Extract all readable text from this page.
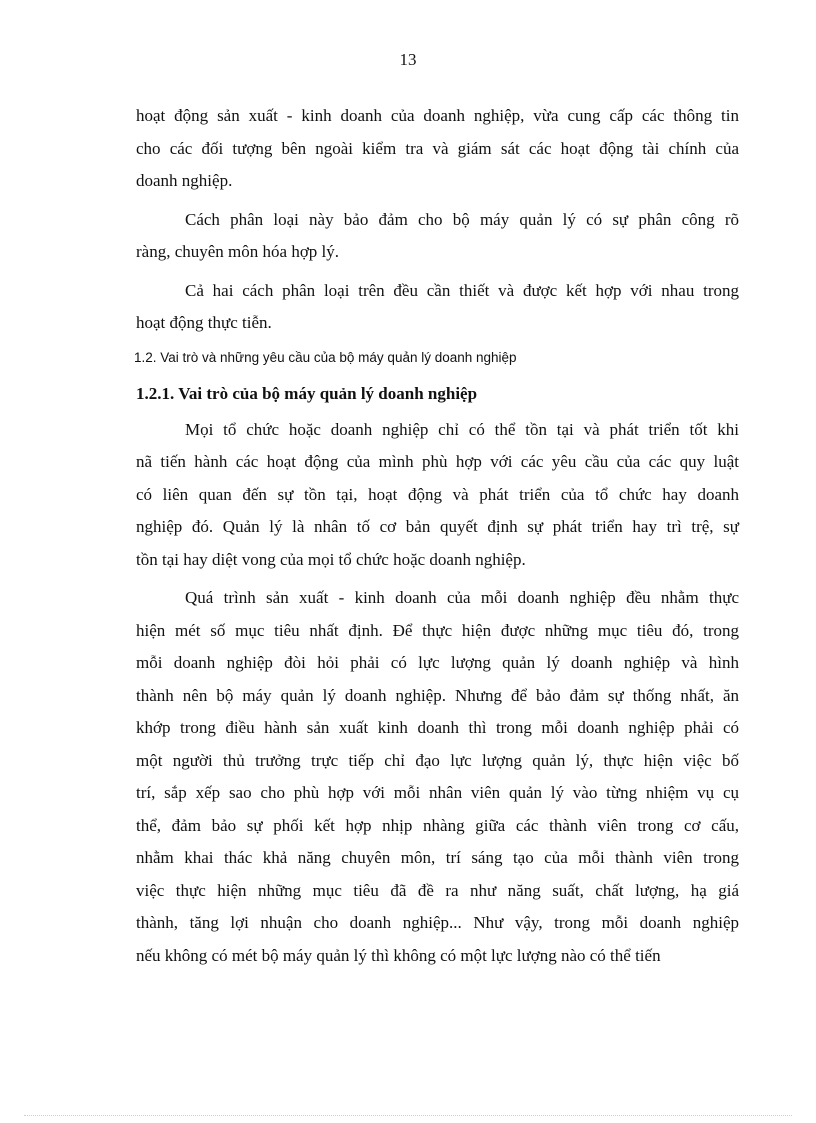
13
hoạt động sản xuất - kinh doanh của doanh nghiệp, vừa cung cấp các thông tin
cho các đối tượng bên ngoài kiểm tra và giám sát các hoạt động tài chính của
doanh nghiệp.
Cách phân loại này bảo đảm cho bộ máy quản lý có sự phân công rõ
ràng, chuyên môn hóa hợp lý.
Cả hai cách phân loại trên đều cần thiết và được kết hợp với nhau trong
hoạt động thực tiễn.
1.2. Vai trò và những yêu cầu của bộ máy quản lý doanh nghiệp
1.2.1. Vai trò của bộ máy quản lý doanh nghiệp
Mọi tổ chức hoặc doanh nghiệp chỉ có thể tồn tại và phát triển tốt khi
nã tiến hành các hoạt động của mình phù hợp với các yêu cầu của các quy luật
có liên quan đến sự tồn tại, hoạt động và phát triển của tổ chức hay doanh
nghiệp đó. Quản lý là nhân tố cơ bản quyết định sự phát triển hay trì trệ, sự
tồn tại hay diệt vong của mọi tổ chức hoặc doanh nghiệp.
Quá trình sản xuất - kinh doanh của mỗi doanh nghiệp đều nhằm thực
hiện mét số mục tiêu nhất định. Để thực hiện được những mục tiêu đó, trong
mỗi doanh nghiệp đòi hỏi phải có lực lượng quản lý doanh nghiệp và hình
thành nên bộ máy quản lý doanh nghiệp. Nhưng để bảo đảm sự thống nhất, ăn
khớp trong điều hành sản xuất kinh doanh thì trong mỗi doanh nghiệp phải có
một người thủ trưởng trực tiếp chỉ đạo lực lượng quản lý, thực hiện việc bố
trí, sắp xếp sao cho phù hợp với mỗi nhân viên quản lý vào từng nhiệm vụ cụ
thể, đảm bảo sự phối kết hợp nhịp nhàng giữa các thành viên trong cơ cấu,
nhằm khai thác khả năng chuyên môn, trí sáng tạo của mỗi thành viên trong
việc thực hiện những mục tiêu đã đề ra như năng suất, chất lượng, hạ giá
thành, tăng lợi nhuận cho doanh nghiệp... Như vậy, trong mỗi doanh nghiệp
nếu không có mét bộ máy quản lý thì không có một lực lượng nào có thể tiến
